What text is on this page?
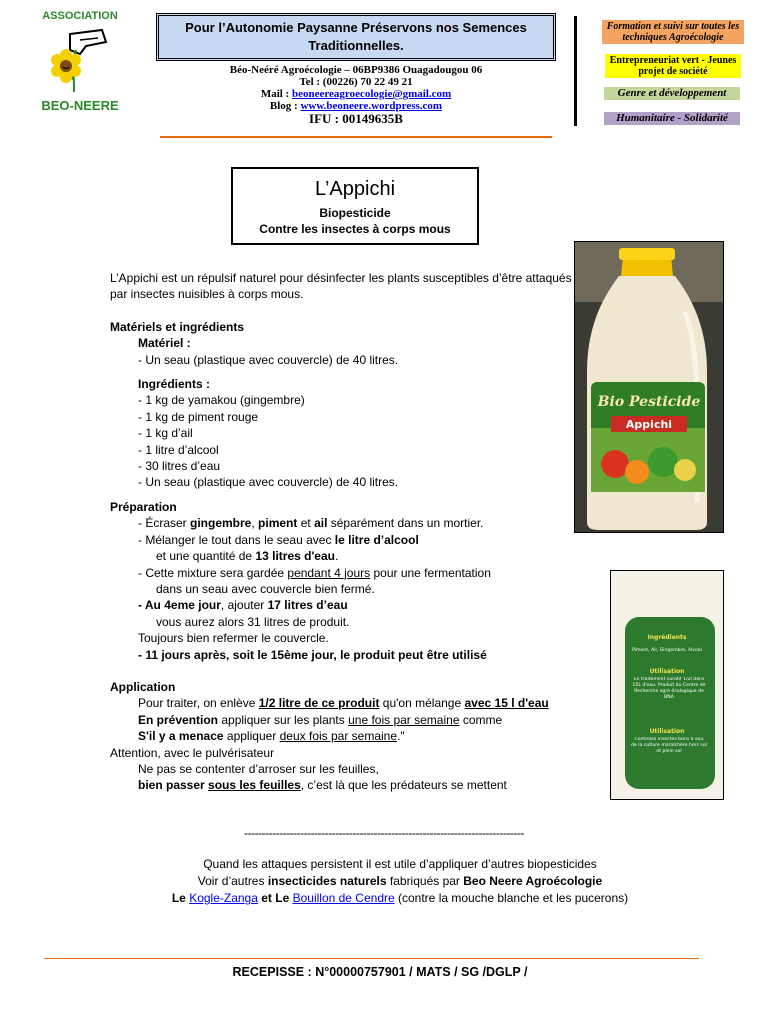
ASSOCIATION
BEO-NEERE
Pour l’Autonomie Paysanne Préservons nos Semences Traditionnelles.
Béo-Neéré Agroécologie – 06BP9386 Ouagadougou 06
Tel : (00226) 70 22 49 21
Mail : beoneereagroecologie@gmail.com
Blog : www.beoneere.wordpress.com
IFU : 00149635B
Formation et suivi sur toutes les techniques Agroécologie
Entrepreneuriat vert - Jeunes projet de société
Genre et développement
Humanitaire - Solidarité
L’Appichi
Biopesticide
Contre les insectes à corps mous

L’Appichi est un répulsif naturel pour désinfecter les plants susceptibles d’être attaqués par insectes nuisibles à corps mous.

Matériels et ingrédients

Matériel :

- Un seau (plastique avec couvercle) de 40 litres.

Ingrédients :

- 1 kg de yamakou (gingembre)

- 1 kg de piment rouge

- 1 kg d’ail

- 1 litre d’alcool

- 30 litres d’eau

- Un seau (plastique avec couvercle) de 40 litres.

Préparation

- Écraser gingembre, piment et ail séparément dans un mortier.

- Mélanger le tout dans le seau avec le litre d’alcool

et une quantité de 13 litres d'eau.

- Cette mixture sera gardée pendant 4 jours pour une fermentation

dans un seau avec couvercle bien fermé.

- Au 4eme jour, ajouter 17 litres d’eau

vous aurez alors 31 litres de produit.

Toujours bien refermer le couvercle.

- 11 jours après, soit le 15ème jour, le produit peut être utilisé

Application

Pour traiter, on enlève 1/2 litre de ce produit qu'on mélange avec 15 l d'eau

En prévention appliquer sur les plants une fois par semaine comme

S'il y a menace appliquer deux fois par semaine."

Attention, avec le pulvérisateur

Ne pas se contenter d’arroser sur les feuilles,

bien passer sous les feuilles, c’est là que les prédateurs se mettent

Bio Pesticide
Appichi
Ingrédients
Piment, Ail, Gingembre, Alcool
Utilisation
En traitement curatif 1/2l dans 15L d'eau. Produit du Centre de Recherche agro écologique de BNA
Utilisation
Contrôles insectes bons à eau de la culture maraîchère hors sol et plein sol
--------------------------------------------------------------------------------
Quand les attaques persistent il est utile d’appliquer d’autres biopesticides
Voir d’autres insecticides naturels fabriqués par Beo Neere Agroécologie
Le Kogle-Zanga et Le Bouillon de Cendre (contre la mouche blanche et les pucerons)
RECEPISSE : N°00000757901 / MATS / SG /DGLP /
